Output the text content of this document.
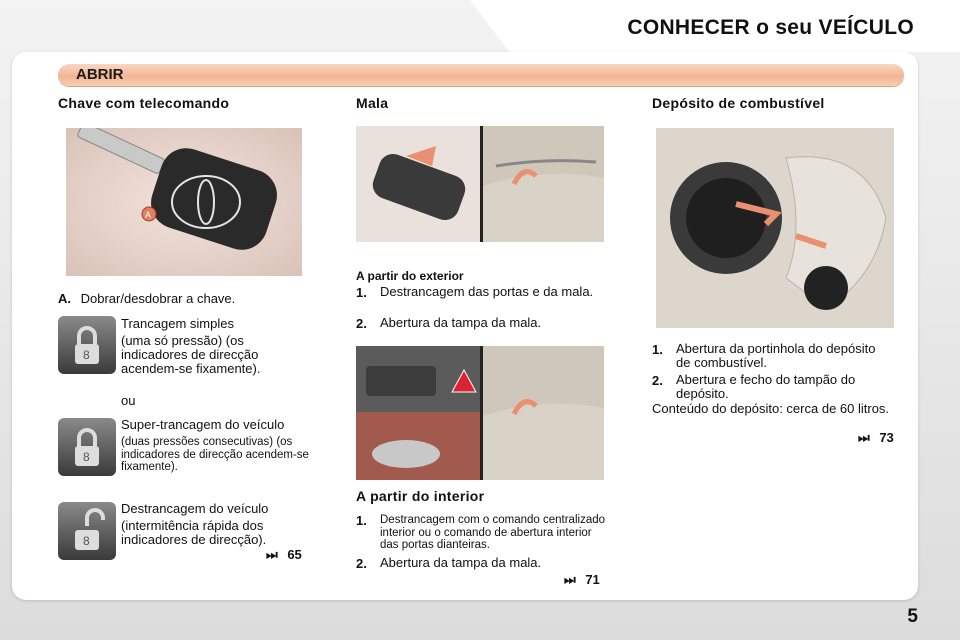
CONHECER o seu VEÍCULO
ABRIR
Chave com telecomando
A
A. Dobrar/desdobrar a chave.
8
Trancagem simples
(uma só pressão) (os indicadores de direcção acendem-se fixamente).
ou
8
Super-trancagem do veículo
(duas pressões consecutivas) (os indicadores de direcção acendem-se fixamente).
8
Destrancagem do veículo
(intermitência rápida dos indicadores de direcção).
⏭ 65
Mala
A partir do exterior
1. Destrancagem das portas e da mala.
2. Abertura da tampa da mala.
A partir do interior
1. Destrancagem com o comando centralizado interior ou o comando de abertura interior das portas dianteiras.
2. Abertura da tampa da mala.
⏭ 71
Depósito de combustível
1. Abertura da portinhola do depósito de combustível.
2. Abertura e fecho do tampão do depósito.
Conteúdo do depósito: cerca de 60 litros.
⏭ 73
5
